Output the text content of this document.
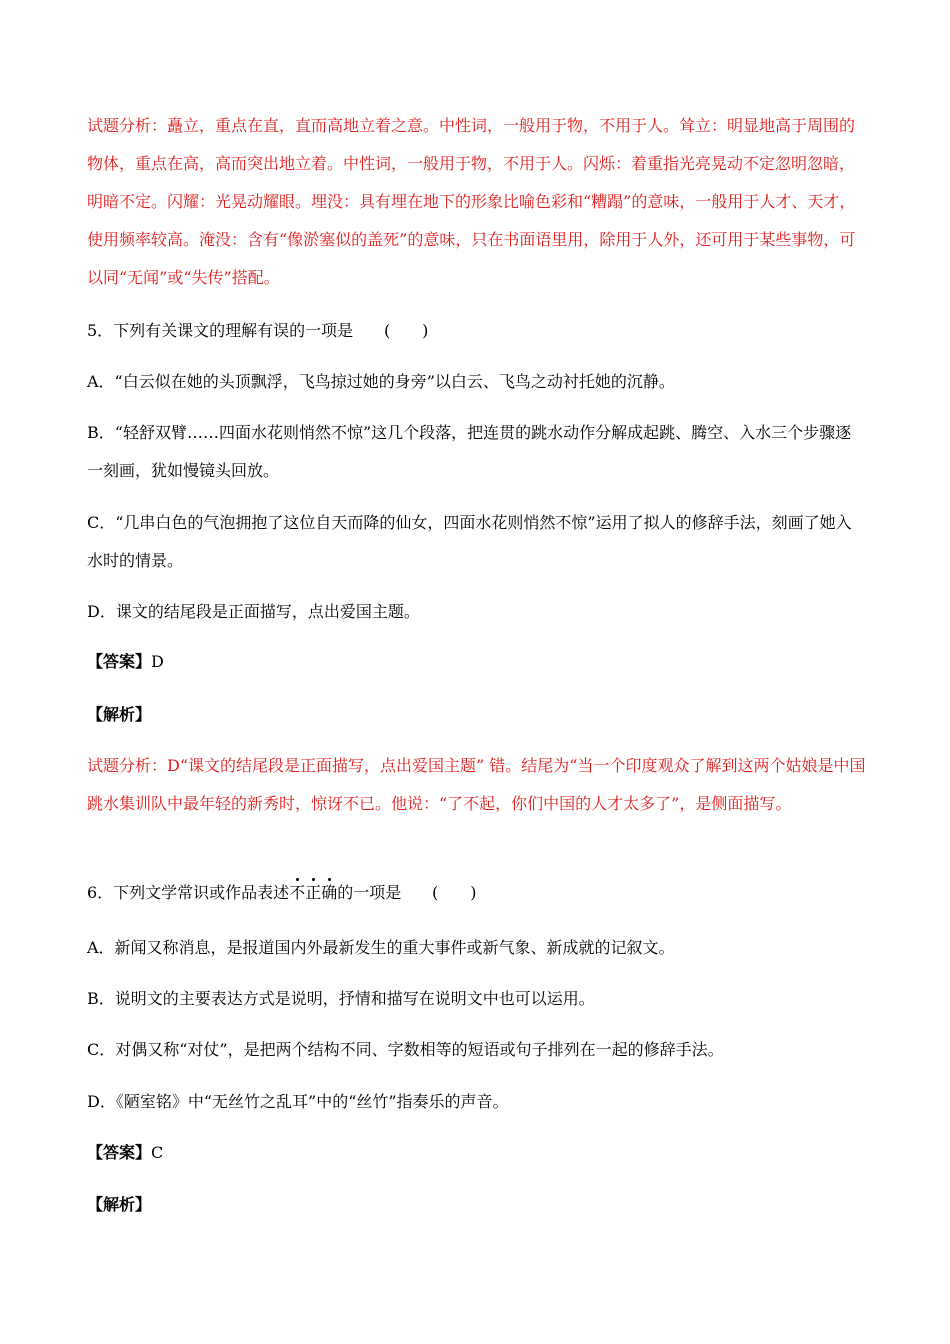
试题分析：矗立，重点在直，直而高地立着之意。中性词，一般用于物，不用于人。耸立：明显地高于周围的物体，重点在高，高而突出地立着。中性词，一般用于物，不用于人。闪烁：着重指光亮晃动不定忽明忽暗，明暗不定。闪耀：光晃动耀眼。埋没：具有埋在地下的形象比喻色彩和“糟蹋”的意味，一般用于人才、天才，使用频率较高。淹没：含有“像淤塞似的盖死”的意味，只在书面语里用，除用于人外，还可用于某些事物，可以同“无闻”或“失传”搭配。
5．下列有关课文的理解有误的一项是 (　　)
A．“白云似在她的头顶飘浮，飞鸟掠过她的身旁”以白云、飞鸟之动衬托她的沉静。
B．“轻舒双臂……四面水花则悄然不惊”这几个段落，把连贯的跳水动作分解成起跳、腾空、入水三个步骤逐一刻画，犹如慢镜头回放。
C．“几串白色的气泡拥抱了这位自天而降的仙女，四面水花则悄然不惊”运用了拟人的修辞手法，刻画了她入水时的情景。
D．课文的结尾段是正面描写，点出爱国主题。
【答案】D
【解析】
试题分析：D“课文的结尾段是正面描写，点出爱国主题” 错。结尾为“当一个印度观众了解到这两个姑娘是中国跳水集训队中最年轻的新秀时，惊讶不已。他说：“了不起，你们中国的人才太多了”，是侧面描写。
6．下列文学常识或作品表述不正确的一项是 (　　)
A．新闻又称消息，是报道国内外最新发生的重大事件或新气象、新成就的记叙文。
B．说明文的主要表达方式是说明，抒情和描写在说明文中也可以运用。
C．对偶又称“对仗”，是把两个结构不同、字数相等的短语或句子排列在一起的修辞手法。
D．《陋室铭》中“无丝竹之乱耳”中的“丝竹”指奏乐的声音。
【答案】C
【解析】
